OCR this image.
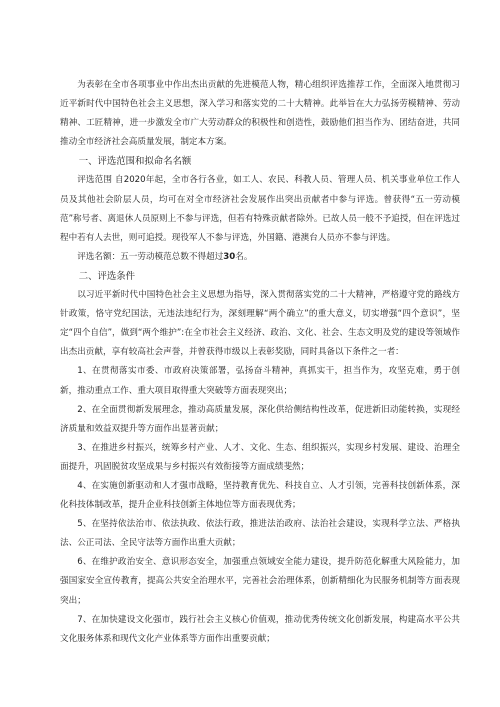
为表彰在全市各项事业中作出杰出贡献的先进模范人物，精心组织评选推荐工作，全面深入地贯彻习近平新时代中国特色社会主义思想，深入学习和落实党的二十大精神。此举旨在大力弘扬劳模精神、劳动精神、工匠精神，进一步激发全市广大劳动群众的积极性和创造性，鼓励他们担当作为、团结奋进，共同推动全市经济社会高质量发展，制定本方案。

一、评选范围和拟命名名额

评选范围 自2020年起，全市各行各业，如工人、农民、科教人员、管理人员、机关事业单位工作人员及其他社会阶层人员，均可在对全市经济社会发展作出突出贡献者中参与评选。曾获得“五一劳动模范”称号者、离退休人员原则上不参与评选，但若有特殊贡献者除外。已故人员一般不予追授，但在评选过程中若有人去世，则可追授。现役军人不参与评选，外国籍、港澳台人员亦不参与评选。

评选名额：五一劳动模范总数不得超过30名。

二、评选条件

以习近平新时代中国特色社会主义思想为指导，深入贯彻落实党的二十大精神，严格遵守党的路线方针政策，恪守党纪国法，无违法违纪行为，深刻理解“两个确立”的重大意义，切实增强“四个意识”，坚定“四个自信”，做到“两个维护”:在全市社会主义经济、政治、文化、社会、生态文明及党的建设等领域作出杰出贡献，享有较高社会声誉，并曾获得市级以上表彰奖励，同时具备以下条件之一者：

1、在贯彻落实市委、市政府决策部署，弘扬奋斗精神，真抓实干，担当作为，攻坚克难，勇于创新，推动重点工作、重大项目取得重大突破等方面表现突出；

2、在全面贯彻新发展理念，推动高质量发展，深化供给侧结构性改革，促进新旧动能转换，实现经济质量和效益双提升等方面作出显著贡献；

3、在推进乡村振兴，统筹乡村产业、人才、文化、生态、组织振兴，实现乡村发展、建设、治理全面提升，巩固脱贫攻坚成果与乡村振兴有效衔接等方面成绩斐然；

4、在实施创新驱动和人才强市战略，坚持教育优先、科技自立、人才引领，完善科技创新体系，深化科技体制改革，提升企业科技创新主体地位等方面表现优秀；

5、在坚持依法治市、依法执政、依法行政，推进法治政府、法治社会建设，实现科学立法、严格执法、公正司法、全民守法等方面作出重大贡献；

6、在维护政治安全、意识形态安全，加强重点领域安全能力建设，提升防范化解重大风险能力，加强国家安全宣传教育，提高公共安全治理水平，完善社会治理体系，创新精细化为民服务机制等方面表现突出；

7、在加快建设文化强市，践行社会主义核心价值观，推动优秀传统文化创新发展，构建高水平公共文化服务体系和现代文化产业体系等方面作出重要贡献；
